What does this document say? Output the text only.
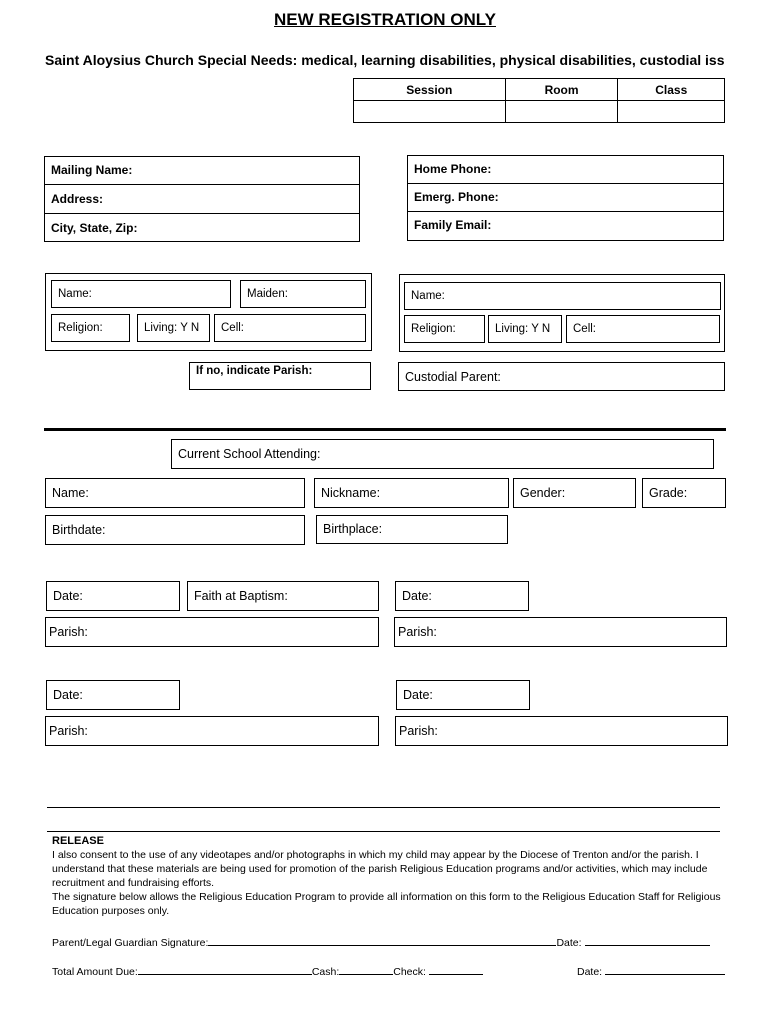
NEW REGISTRATION ONLY
Saint Aloysius Church Special Needs: medical, learning disabilities, physical disabilities, custodial iss
Session	Room	Class

Mailing Name:
Address:
City, State, Zip:
Home Phone:
Emerg. Phone:
Family Email:
Name:	Maiden:
Religion:	Living: Y N	Cell:
If no, indicate Parish:
Name:
Religion:	Living: Y N	Cell:
Custodial Parent:
Current School Attending:
Name:	Nickname:	Gender:	Grade:
Birthdate:	Birthplace:
Date:	Faith at Baptism:	Date:
Parish:	Parish:
Date:	Date:
Parish:	Parish:
RELEASE
I also consent to the use of any videotapes and/or photographs in which my child may appear by the Diocese of Trenton and/or the parish. I understand that these materials are being used for promotion of the parish Religious Education programs and/or activities, which may include recruitment and fundraising efforts.
The signature below allows the Religious Education Program to provide all information on this form to the Religious Education Staff for Religious Education purposes only.
Parent/Legal Guardian Signature:	Date:
Total Amount Due:	Cash:	Check:	Date:
